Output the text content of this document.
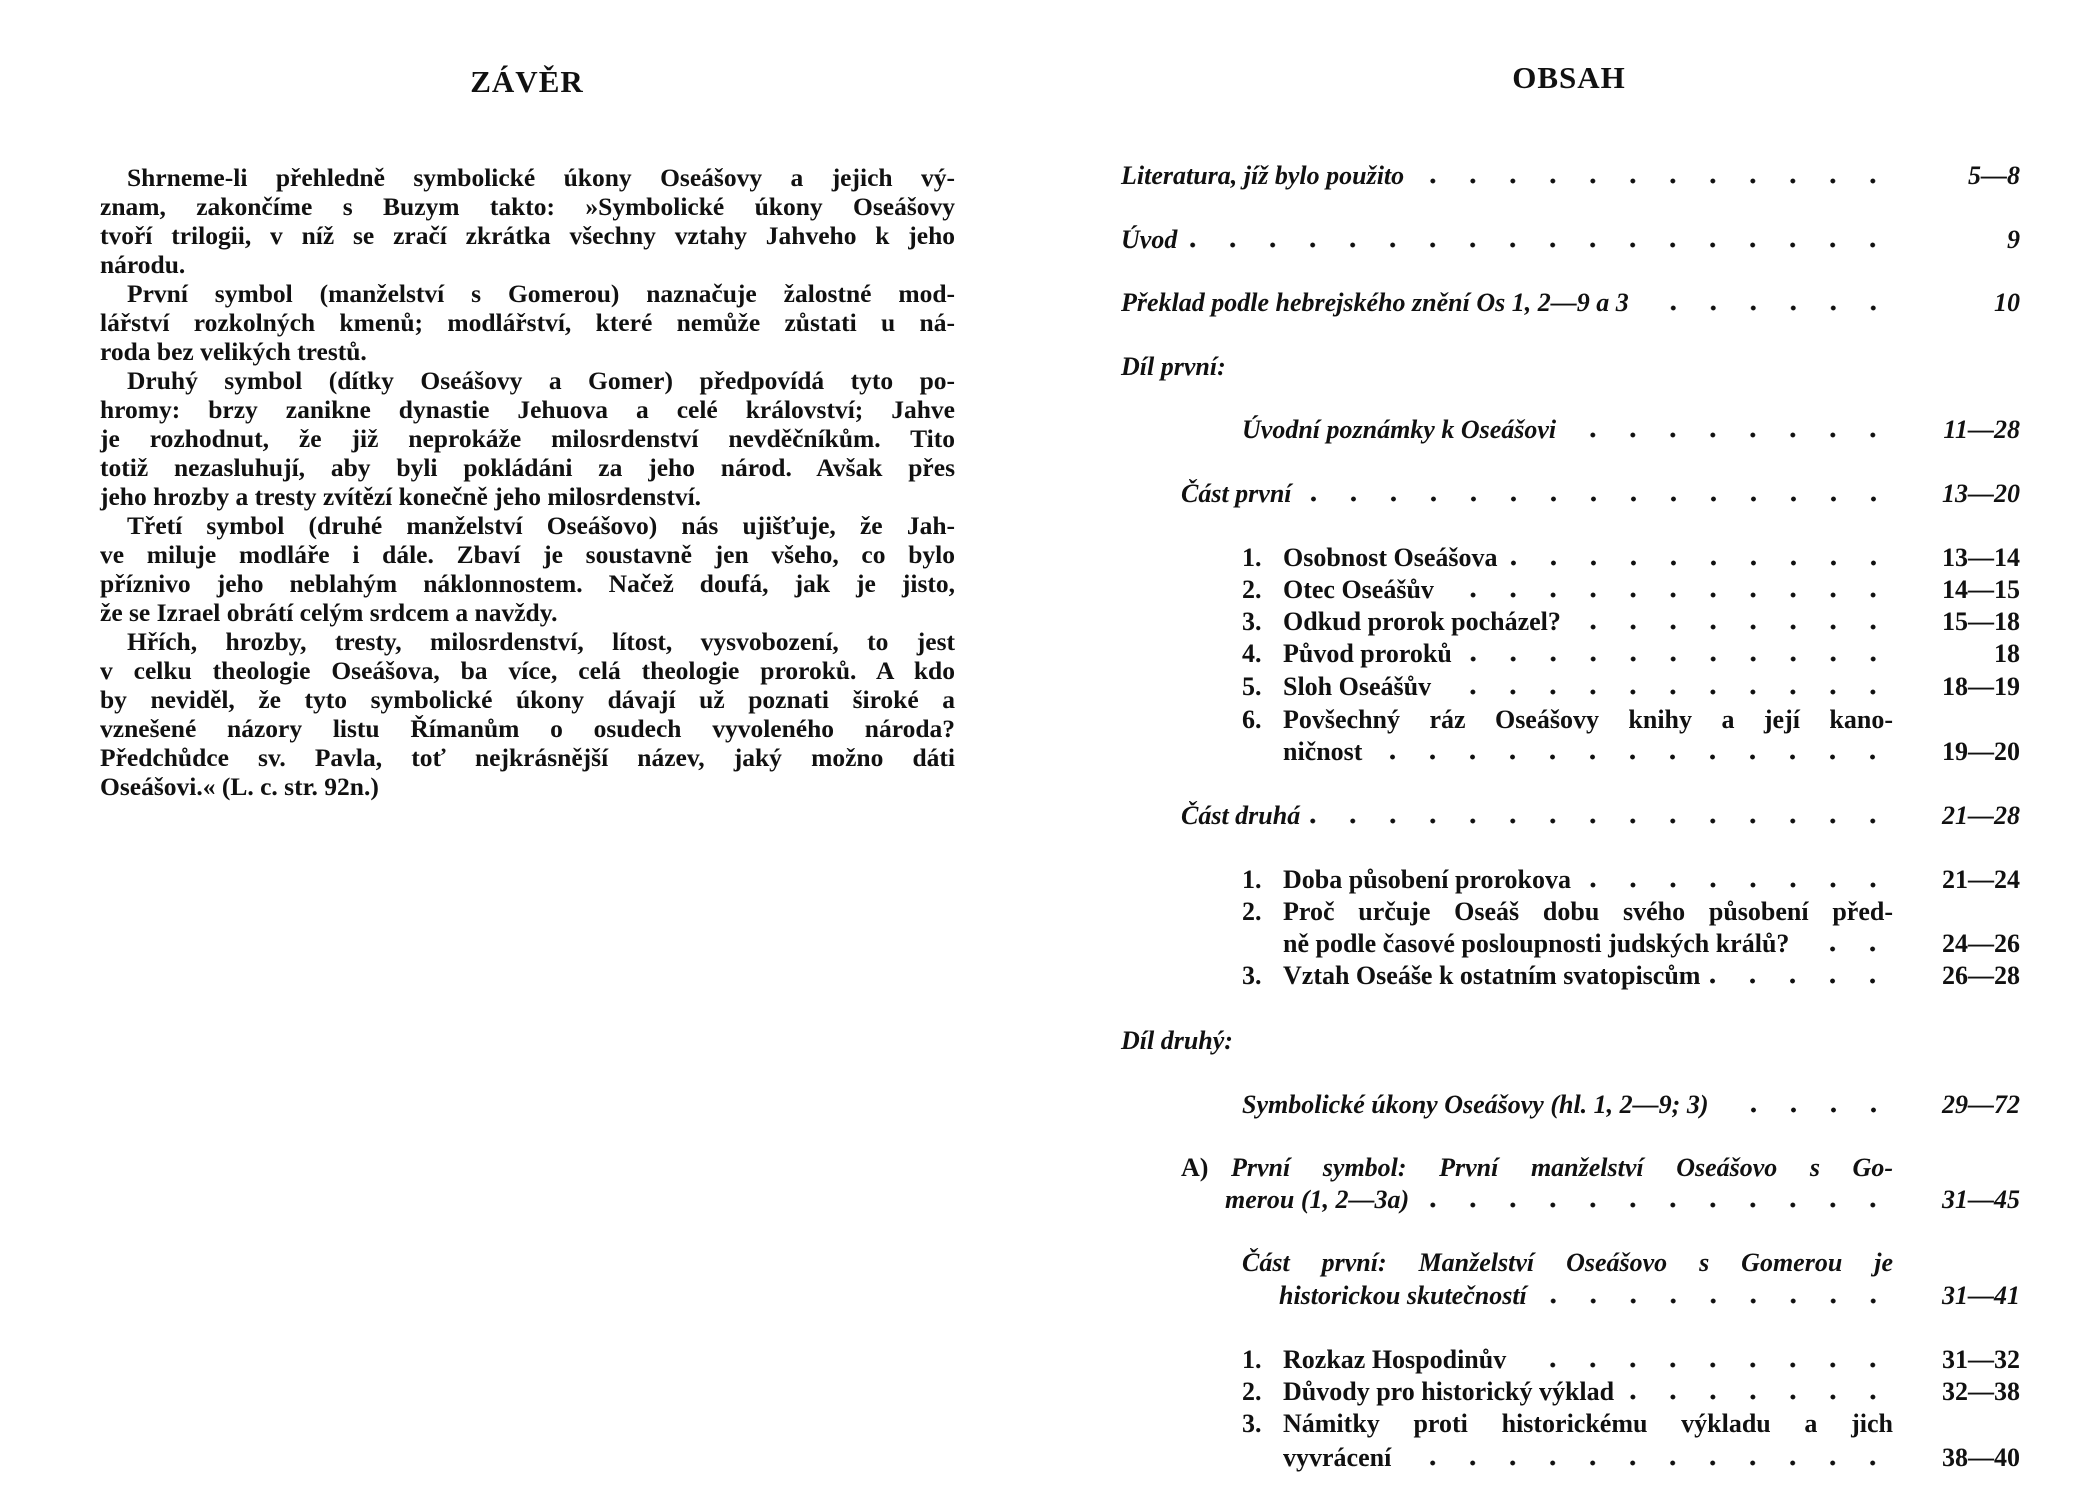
ZÁVĚR
Shrneme-li přehledně symbolické úkony Oseášovy a jejich vý-
znam, zakončíme s Buzym takto: »Symbolické úkony Oseášovy
tvoří trilogii, v níž se zračí zkrátka všechny vztahy Jahveho k jeho
národu.
První symbol (manželství s Gomerou) naznačuje žalostné mod-
lářství rozkolných kmenů; modlářství, které nemůže zůstati u ná-
roda bez velikých trestů.
Druhý symbol (dítky Oseášovy a Gomer) předpovídá tyto po-
hromy: brzy zanikne dynastie Jehuova a celé království; Jahve
je rozhodnut, že již neprokáže milosrdenství nevděčníkům. Tito
totiž nezasluhují, aby byli pokládáni za jeho národ. Avšak přes
jeho hrozby a tresty zvítězí konečně jeho milosrdenství.
Třetí symbol (druhé manželství Oseášovo) nás ujišťuje, že Jah-
ve miluje modláře i dále. Zbaví je soustavně jen všeho, co bylo
příznivo jeho neblahým náklonnostem. Načež doufá, jak je jisto,
že se Izrael obrátí celým srdcem a navždy.
Hřích, hrozby, tresty, milosrdenství, lítost, vysvobození, to jest
v celku theologie Oseášova, ba více, celá theologie proroků. A kdo
by neviděl, že tyto symbolické úkony dávají už poznati široké a
vznešené názory listu Římanům o osudech vyvoleného národa?
Předchůdce sv. Pavla, toť nejkrásnější název, jaký možno dáti
Oseášovi.« (L. c. str. 92n.)
OBSAH
Literatura, jíž bylo použito	5—8
Úvod	9
Překlad podle hebrejského znění Os 1, 2—9 a 3	10
Díl první:
Úvodní poznámky k Oseášovi	11—28
Část první	13—20
1. Osobnost Oseášova	13—14
2. Otec Oseášův	14—15
3. Odkud prorok pocházel?	15—18
4. Původ proroků	18
5. Sloh Oseášův	18—19
6. Povšechný ráz Oseášovy knihy a její kano-
ničnost	19—20
Část druhá	21—28
1. Doba působení prorokova	21—24
2. Proč určuje Oseáš dobu svého působení před-
ně podle časové posloupnosti judských králů?	24—26
3. Vztah Oseáše k ostatním svatopiscům	26—28
Díl druhý:
Symbolické úkony Oseášovy (hl. 1, 2—9; 3)	29—72
A) První symbol: První manželství Oseášovo s Go-
merou (1, 2—3a)	31—45
Část první: Manželství Oseášovo s Gomerou je
historickou skutečností	31—41
1. Rozkaz Hospodinův	31—32
2. Důvody pro historický výklad	32—38
3. Námitky proti historickému výkladu a jich
vyvrácení	38—40
